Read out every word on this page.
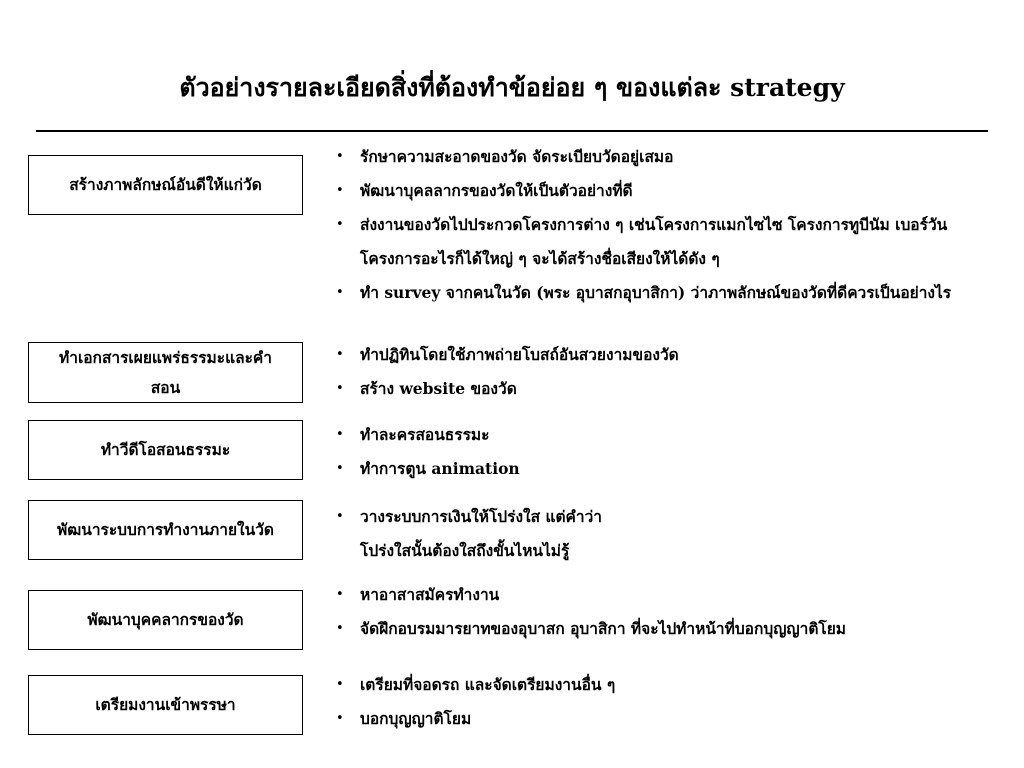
ตัวอย่างรายละเอียดสิ่งที่ต้องทำข้อย่อย ๆ ของแต่ละ strategy
สร้างภาพลักษณ์อันดีให้แก่วัด
• รักษาความสะอาดของวัด จัดระเบียบวัดอยู่เสมอ
• พัฒนาบุคลลากรของวัดให้เป็นตัวอย่างที่ดี
• ส่งงานของวัดไปประกวดโครงการต่าง ๆ เช่นโครงการแมกไซไซ โครงการทูบีนัม เบอร์วัน โครงการอะไรก็ได้ใหญ่ ๆ จะได้สร้างชื่อเสียงให้ได้ดัง ๆ
• ทำ survey จากคนในวัด (พระ อุบาสกอุบาสิกา) ว่าภาพลักษณ์ของวัดที่ดีควรเป็นอย่างไร
ทำเอกสารเผยแพร่ธรรมะและคำสอน
• ทำปฏิทินโดยใช้ภาพถ่ายโบสถ์อันสวยงามของวัด
• สร้าง website ของวัด
ทำวีดีโอสอนธรรมะ
• ทำละครสอนธรรมะ
• ทำการตูน animation
พัฒนาระบบการทำงานภายในวัด
• วางระบบการเงินให้โปร่งใส แต่คำว่าโปร่งใสนั้นต้องใสถึงขั้นไหนไม่รู้
พัฒนาบุคคลากรของวัด
• หาอาสาสมัครทำงาน
• จัดฝึกอบรมมารยาทของอุบาสก อุบาสิกา ที่จะไปทำหน้าที่บอกบุญญาติโยม
เตรียมงานเข้าพรรษา
• เตรียมที่จอดรถ และจัดเตรียมงานอื่น ๆ
• บอกบุญญาติโยม
